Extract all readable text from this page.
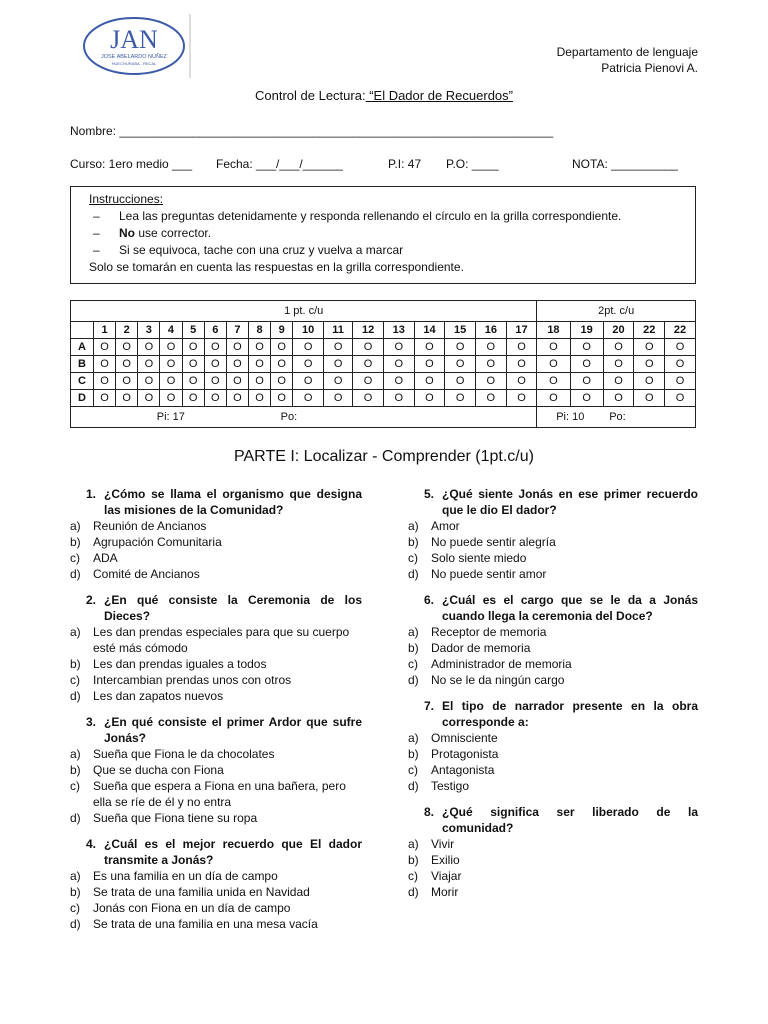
JAN
JOSE ABELARDO NUÑEZ
HUECHURABA - RECAL
Departamento de lenguaje
Patricia Pienovi A.
Control de Lectura: “El Dador de Recuerdos”
Nombre: _________________________________________________________________
Curso: 1ero medio ___ Fecha: ___/___/______	P.I: 47 P.O: ____	NOTA: __________
Instrucciones:
– Lea las preguntas detenidamente y responda rellenando el círculo en la grilla correspondiente.
– No use corrector.
– Si se equivoca, tache con una cruz y vuelva a marcar
Solo se tomarán en cuenta las respuestas en la grilla correspondiente.
1 pt. c/u																		2pt. c/u				
	1	2	3	4	5	6	7	8	9	10	11	12	13	14	15	16	17	18	19	20	22	22
A	O	O	O	O	O	O	O	O	O	O	O	O	O	O	O	O	O	O	O	O	O	O
B	O	O	O	O	O	O	O	O	O	O	O	O	O	O	O	O	O	O	O	O	O	O
C	O	O	O	O	O	O	O	O	O	O	O	O	O	O	O	O	O	O	O	O	O	O
D	O	O	O	O	O	O	O	O	O	O	O	O	O	O	O	O	O	O	O	O	O	O
Pi: 17									Po:									Pi: 10		Po:		
PARTE I: Localizar - Comprender (1pt.c/u)
1. ¿Cómo se llama el organismo que designa las misiones de la Comunidad?
a)	Reunión de Ancianos
b)	Agrupación Comunitaria
c)	ADA
d)	Comité de Ancianos
2. ¿En qué consiste la Ceremonia de los Dieces?
a)	Les dan prendas especiales para que su cuerpo esté más cómodo
b)	Les dan prendas iguales a todos
c)	Intercambian prendas unos con otros
d)	Les dan zapatos nuevos
3. ¿En qué consiste el primer Ardor que sufre Jonás?
a)	Sueña que Fiona le da chocolates
b)	Que se ducha con Fiona
c)	Sueña que espera a Fiona en una bañera, pero ella se ríe de él y no entra
d)	Sueña que Fiona tiene su ropa
4. ¿Cuál es el mejor recuerdo que El dador transmite a Jonás?
a)	Es una familia en un día de campo
b)	Se trata de una familia unida en Navidad
c)	Jonás con Fiona en un día de campo
d)	Se trata de una familia en una mesa vacía
5. ¿Qué siente Jonás en ese primer recuerdo que le dio El dador?
a)	Amor
b)	No puede sentir alegría
c)	Solo siente miedo
d)	No puede sentir amor
6. ¿Cuál es el cargo que se le da a Jonás cuando llega la ceremonia del Doce?
a)	Receptor de memoria
b)	Dador de memoria
c)	Administrador de memoria
d)	No se le da ningún cargo
7. El tipo de narrador presente en la obra corresponde a:
a)	Omnisciente
b)	Protagonista
c)	Antagonista
d)	Testigo
8. ¿Qué significa ser liberado de la comunidad?
a)	Vivir
b)	Exilio
c)	Viajar
d)	Morir
